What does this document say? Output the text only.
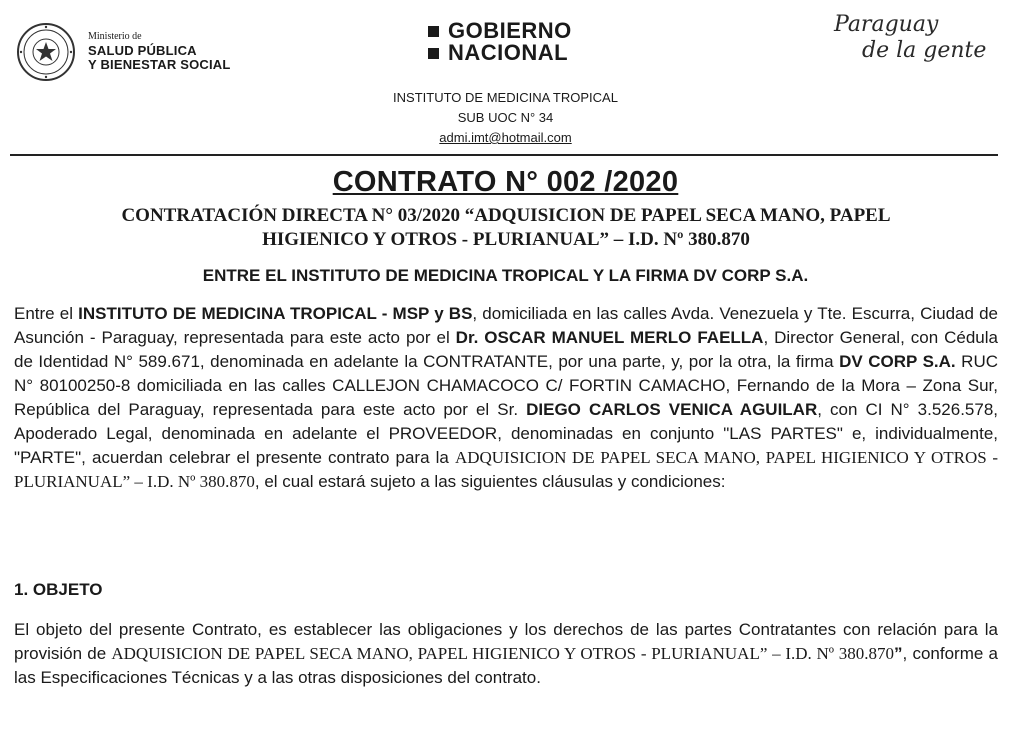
Ministerio de
SALUD PÚBLICA
Y BIENESTAR SOCIAL
GOBIERNO
NACIONAL
Paraguay
de la gente
INSTITUTO DE MEDICINA TROPICAL
SUB UOC N° 34
admi.imt@hotmail.com
CONTRATO N° 002 /2020
CONTRATACIÓN DIRECTA N° 03/2020 “ADQUISICION DE PAPEL SECA MANO, PAPEL
HIGIENICO Y OTROS - PLURIANUAL” – I.D. Nº 380.870
ENTRE EL INSTITUTO DE MEDICINA TROPICAL Y LA FIRMA DV CORP S.A.
Entre el INSTITUTO DE MEDICINA TROPICAL - MSP y BS, domiciliada en las calles Avda. Venezuela y Tte. Escurra, Ciudad de Asunción - Paraguay, representada para este acto por el Dr. OSCAR MANUEL MERLO FAELLA, Director General, con Cédula de Identidad N° 589.671, denominada en adelante la CONTRATANTE, por una parte, y, por la otra, la firma DV CORP S.A. RUC N° 80100250-8 domiciliada en las calles CALLEJON CHAMACOCO C/ FORTIN CAMACHO, Fernando de la Mora – Zona Sur, República del Paraguay, representada para este acto por el Sr. DIEGO CARLOS VENICA AGUILAR, con CI N° 3.526.578, Apoderado Legal, denominada en adelante el PROVEEDOR, denominadas en conjunto "LAS PARTES" e, individualmente, "PARTE", acuerdan celebrar el presente contrato para la ADQUISICION DE PAPEL SECA MANO, PAPEL HIGIENICO Y OTROS - PLURIANUAL” – I.D. Nº 380.870, el cual estará sujeto a las siguientes cláusulas y condiciones:
1. OBJETO
El objeto del presente Contrato, es establecer las obligaciones y los derechos de las partes Contratantes con relación para la provisión de ADQUISICION DE PAPEL SECA MANO, PAPEL HIGIENICO Y OTROS - PLURIANUAL” – I.D. Nº 380.870”, conforme a las Especificaciones Técnicas y a las otras disposiciones del contrato.
